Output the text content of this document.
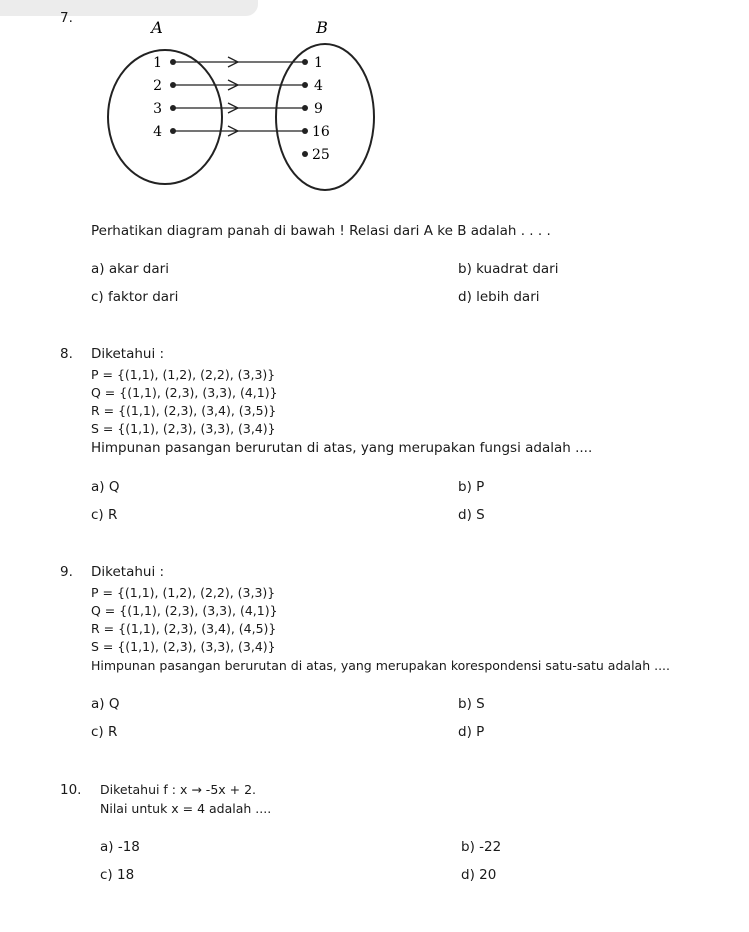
7.	A	B
1
2
3
4
1
4
9
16
25
Perhatikan diagram panah di bawah ! Relasi dari A ke B adalah . . . .
a) akar dari	b) kuadrat dari
c) faktor dari	d) lebih dari
8. Diketahui :
P = {(1,1), (1,2), (2,2), (3,3)}
Q = {(1,1), (2,3), (3,3), (4,1)}
R = {(1,1), (2,3), (3,4), (3,5)}
S = {(1,1), (2,3), (3,3), (3,4)}
Himpunan pasangan berurutan di atas, yang merupakan fungsi adalah ....
a) Q	b) P
c) R	d) S
9. Diketahui :
P = {(1,1), (1,2), (2,2), (3,3)}
Q = {(1,1), (2,3), (3,3), (4,1)}
R = {(1,1), (2,3), (3,4), (4,5)}
S = {(1,1), (2,3), (3,3), (3,4)}
Himpunan pasangan berurutan di atas, yang merupakan korespondensi satu-satu adalah ....
a) Q	b) S
c) R	d) P
10. Diketahui f : x → -5x + 2.
Nilai untuk x = 4 adalah ....
a) -18	b) -22
c) 18	d) 20
